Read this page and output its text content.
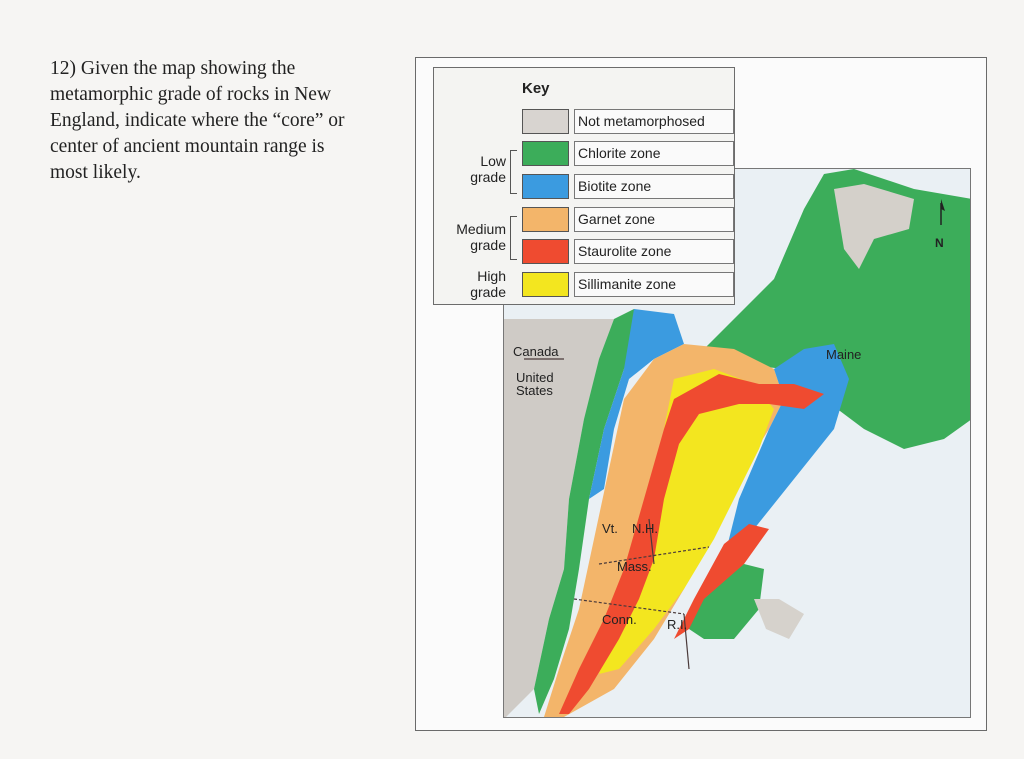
12) Given the map showing the
metamorphic grade of rocks in New
England, indicate where the “core” or
center of ancient mountain range is
most likely.
Canada
United
States
Maine
Vt. N.H.
Mass.
Conn. R.I.
N
Key
Not metamorphosed
Chlorite zone
Biotite zone
Garnet zone
Staurolite zone
Sillimanite zone
Low
grade
Medium
grade
High
grade
